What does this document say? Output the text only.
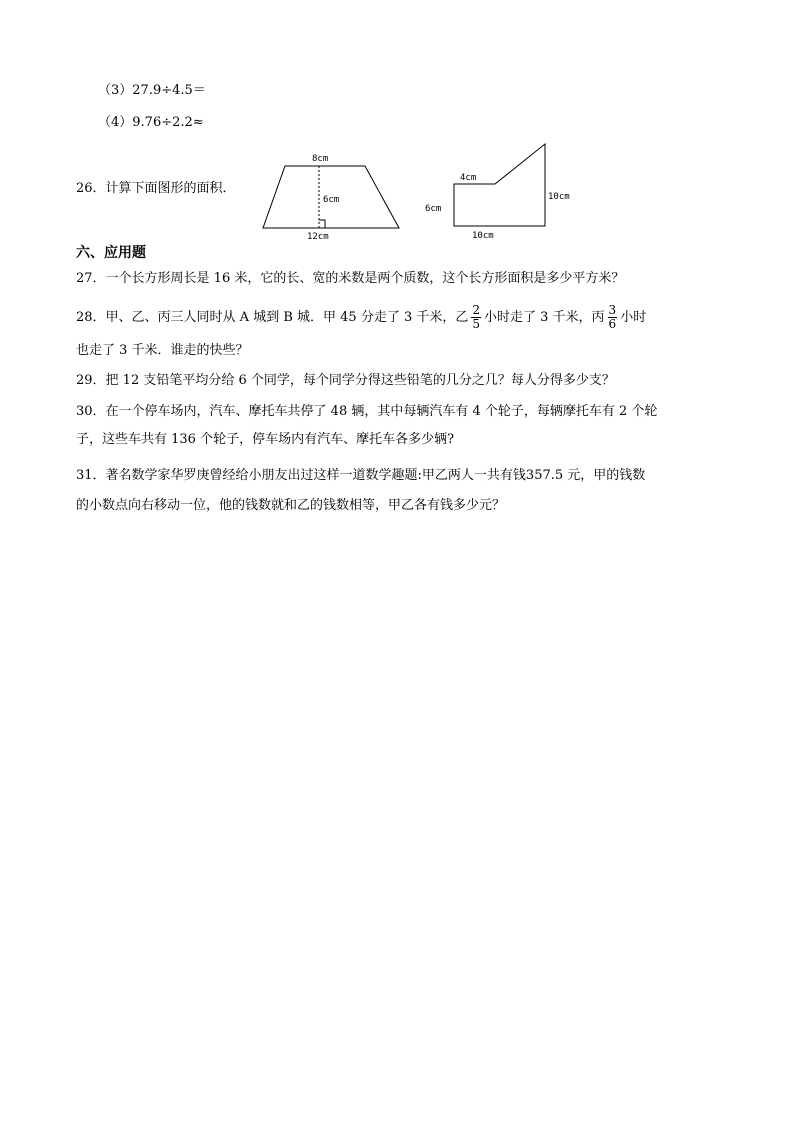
（3）27.9÷4.5＝
（4）9.76÷2.2≈
26．计算下面图形的面积．
8cm
6cm
12cm
4cm
6cm
10cm
10cm
六、应用题
27．一个长方形周长是 16 米，它的长、宽的米数是两个质数，这个长方形面积是多少平方米？
28．甲、乙、丙三人同时从 A 城到 B 城．甲 45 分走了 3 千米，乙 $\frac{2}{5}$ 小时走了 3 千米，丙 $\frac{3}{6}$ 小时
也走了 3 千米．谁走的快些？
29．把 12 支铅笔平均分给 6 个同学，每个同学分得这些铅笔的几分之几？每人分得多少支？
30．在一个停车场内，汽车、摩托车共停了 48 辆，其中每辆汽车有 4 个轮子，每辆摩托车有 2 个轮
子，这些车共有 136 个轮子，停车场内有汽车、摩托车各多少辆?
31．著名数学家华罗庚曾经给小朋友出过这样一道数学趣题:甲乙两人一共有钱357.5 元，甲的钱数
的小数点向右移动一位，他的钱数就和乙的钱数相等，甲乙各有钱多少元？
